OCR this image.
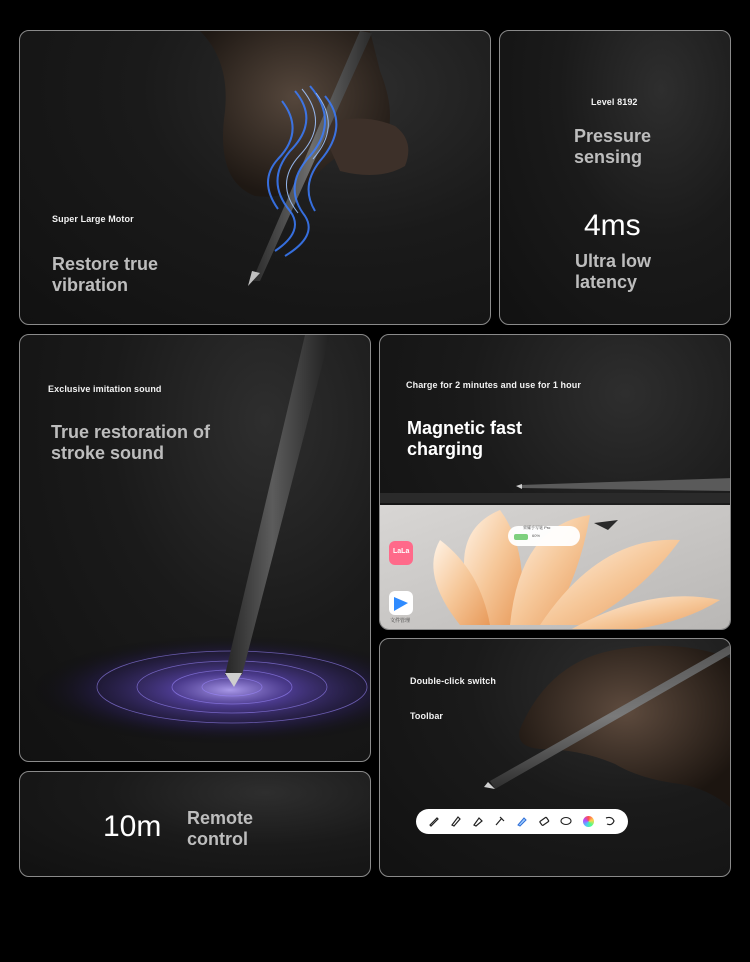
Super Large Motor
Restore true
vibration
Level 8192
Pressure
sensing
4ms
Ultra low
latency
Exclusive imitation sound
True restoration of
stroke sound
Charge for 2 minutes and use for 1 hour
Magnetic fast
charging
荣耀手写笔 Pro
60%
LaLa
文件管理
10m Remote
control
Double-click switch
Toolbar
